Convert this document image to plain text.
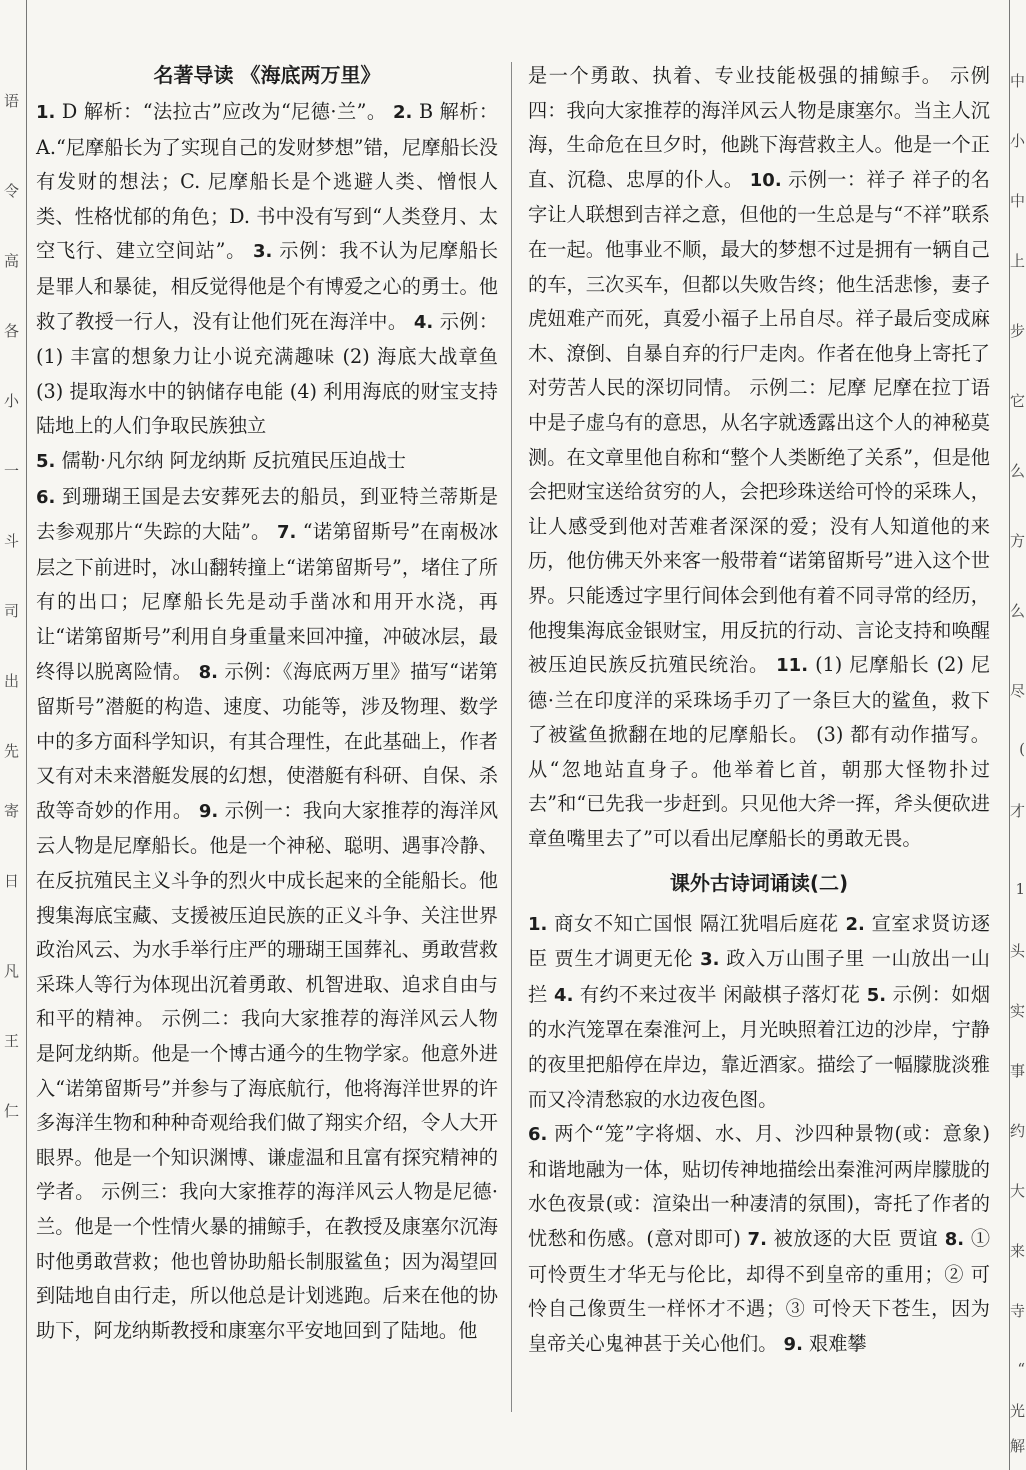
语
令
高
各
小
一
斗
司
出
先
寄
日
凡
王
仁
中
小
中
上
步
它
么
方
么
尽
(
才
1
头
实
事
约
大
来
寺
“
光
解
名著导读 《海底两万里》

1. D 解析：“法拉古”应改为“尼德·兰”。 2. B 解析：A.“尼摩船长为了实现自己的发财梦想”错，尼摩船长没有发财的想法；C. 尼摩船长是个逃避人类、憎恨人类、性格忧郁的角色；D. 书中没有写到“人类登月、太空飞行、建立空间站”。 3. 示例：我不认为尼摩船长是罪人和暴徒，相反觉得他是个有博爱之心的勇士。他救了教授一行人，没有让他们死在海洋中。 4. 示例：(1) 丰富的想象力让小说充满趣味 (2) 海底大战章鱼 (3) 提取海水中的钠储存电能 (4) 利用海底的财宝支持陆地上的人们争取民族独立

5. 儒勒·凡尔纳 阿龙纳斯 反抗殖民压迫战士

6. 到珊瑚王国是去安葬死去的船员，到亚特兰蒂斯是去参观那片“失踪的大陆”。 7. “诺第留斯号”在南极冰层之下前进时，冰山翻转撞上“诺第留斯号”，堵住了所有的出口；尼摩船长先是动手凿冰和用开水浇，再让“诺第留斯号”利用自身重量来回冲撞，冲破冰层，最终得以脱离险情。 8. 示例：《海底两万里》描写“诺第留斯号”潜艇的构造、速度、功能等，涉及物理、数学中的多方面科学知识，有其合理性，在此基础上，作者又有对未来潜艇发展的幻想，使潜艇有科研、自保、杀敌等奇妙的作用。 9. 示例一：我向大家推荐的海洋风云人物是尼摩船长。他是一个神秘、聪明、遇事冷静、在反抗殖民主义斗争的烈火中成长起来的全能船长。他搜集海底宝藏、支援被压迫民族的正义斗争、关注世界政治风云、为水手举行庄严的珊瑚王国葬礼、勇敢营救采珠人等行为体现出沉着勇敢、机智进取、追求自由与和平的精神。 示例二：我向大家推荐的海洋风云人物是阿龙纳斯。他是一个博古通今的生物学家。他意外进入“诺第留斯号”并参与了海底航行，他将海洋世界的许多海洋生物和种种奇观给我们做了翔实介绍，令人大开眼界。他是一个知识渊博、谦虚温和且富有探究精神的学者。 示例三：我向大家推荐的海洋风云人物是尼德·兰。他是一个性情火暴的捕鲸手，在教授及康塞尔沉海时他勇敢营救；他也曾协助船长制服鲨鱼；因为渴望回到陆地自由行走，所以他总是计划逃跑。后来在他的协助下，阿龙纳斯教授和康塞尔平安地回到了陆地。他

是一个勇敢、执着、专业技能极强的捕鲸手。 示例四：我向大家推荐的海洋风云人物是康塞尔。当主人沉海，生命危在旦夕时，他跳下海营救主人。他是一个正直、沉稳、忠厚的仆人。 10. 示例一：祥子 祥子的名字让人联想到吉祥之意，但他的一生总是与“不祥”联系在一起。他事业不顺，最大的梦想不过是拥有一辆自己的车，三次买车，但都以失败告终；他生活悲惨，妻子虎妞难产而死，真爱小福子上吊自尽。祥子最后变成麻木、潦倒、自暴自弃的行尸走肉。作者在他身上寄托了对劳苦人民的深切同情。 示例二：尼摩 尼摩在拉丁语中是子虚乌有的意思，从名字就透露出这个人的神秘莫测。在文章里他自称和“整个人类断绝了关系”，但是他会把财宝送给贫穷的人，会把珍珠送给可怜的采珠人，让人感受到他对苦难者深深的爱；没有人知道他的来历，他仿佛天外来客一般带着“诺第留斯号”进入这个世界。只能透过字里行间体会到他有着不同寻常的经历，他搜集海底金银财宝，用反抗的行动、言论支持和唤醒被压迫民族反抗殖民统治。 11. (1) 尼摩船长 (2) 尼德·兰在印度洋的采珠场手刃了一条巨大的鲨鱼，救下了被鲨鱼掀翻在地的尼摩船长。 (3) 都有动作描写。从“忽地站直身子。他举着匕首，朝那大怪物扑过去”和“已先我一步赶到。只见他大斧一挥，斧头便砍进章鱼嘴里去了”可以看出尼摩船长的勇敢无畏。

课外古诗词诵读(二)

1. 商女不知亡国恨 隔江犹唱后庭花 2. 宣室求贤访逐臣 贾生才调更无伦 3. 政入万山围子里 一山放出一山拦 4. 有约不来过夜半 闲敲棋子落灯花 5. 示例：如烟的水汽笼罩在秦淮河上，月光映照着江边的沙岸，宁静的夜里把船停在岸边，靠近酒家。描绘了一幅朦胧淡雅而又冷清愁寂的水边夜色图。

6. 两个“笼”字将烟、水、月、沙四种景物(或：意象)和谐地融为一体，贴切传神地描绘出秦淮河两岸朦胧的水色夜景(或：渲染出一种凄清的氛围)，寄托了作者的忧愁和伤感。(意对即可) 7. 被放逐的大臣 贾谊 8. ① 可怜贾生才华无与伦比，却得不到皇帝的重用；② 可怜自己像贾生一样怀才不遇；③ 可怜天下苍生，因为皇帝关心鬼神甚于关心他们。 9. 艰难攀
